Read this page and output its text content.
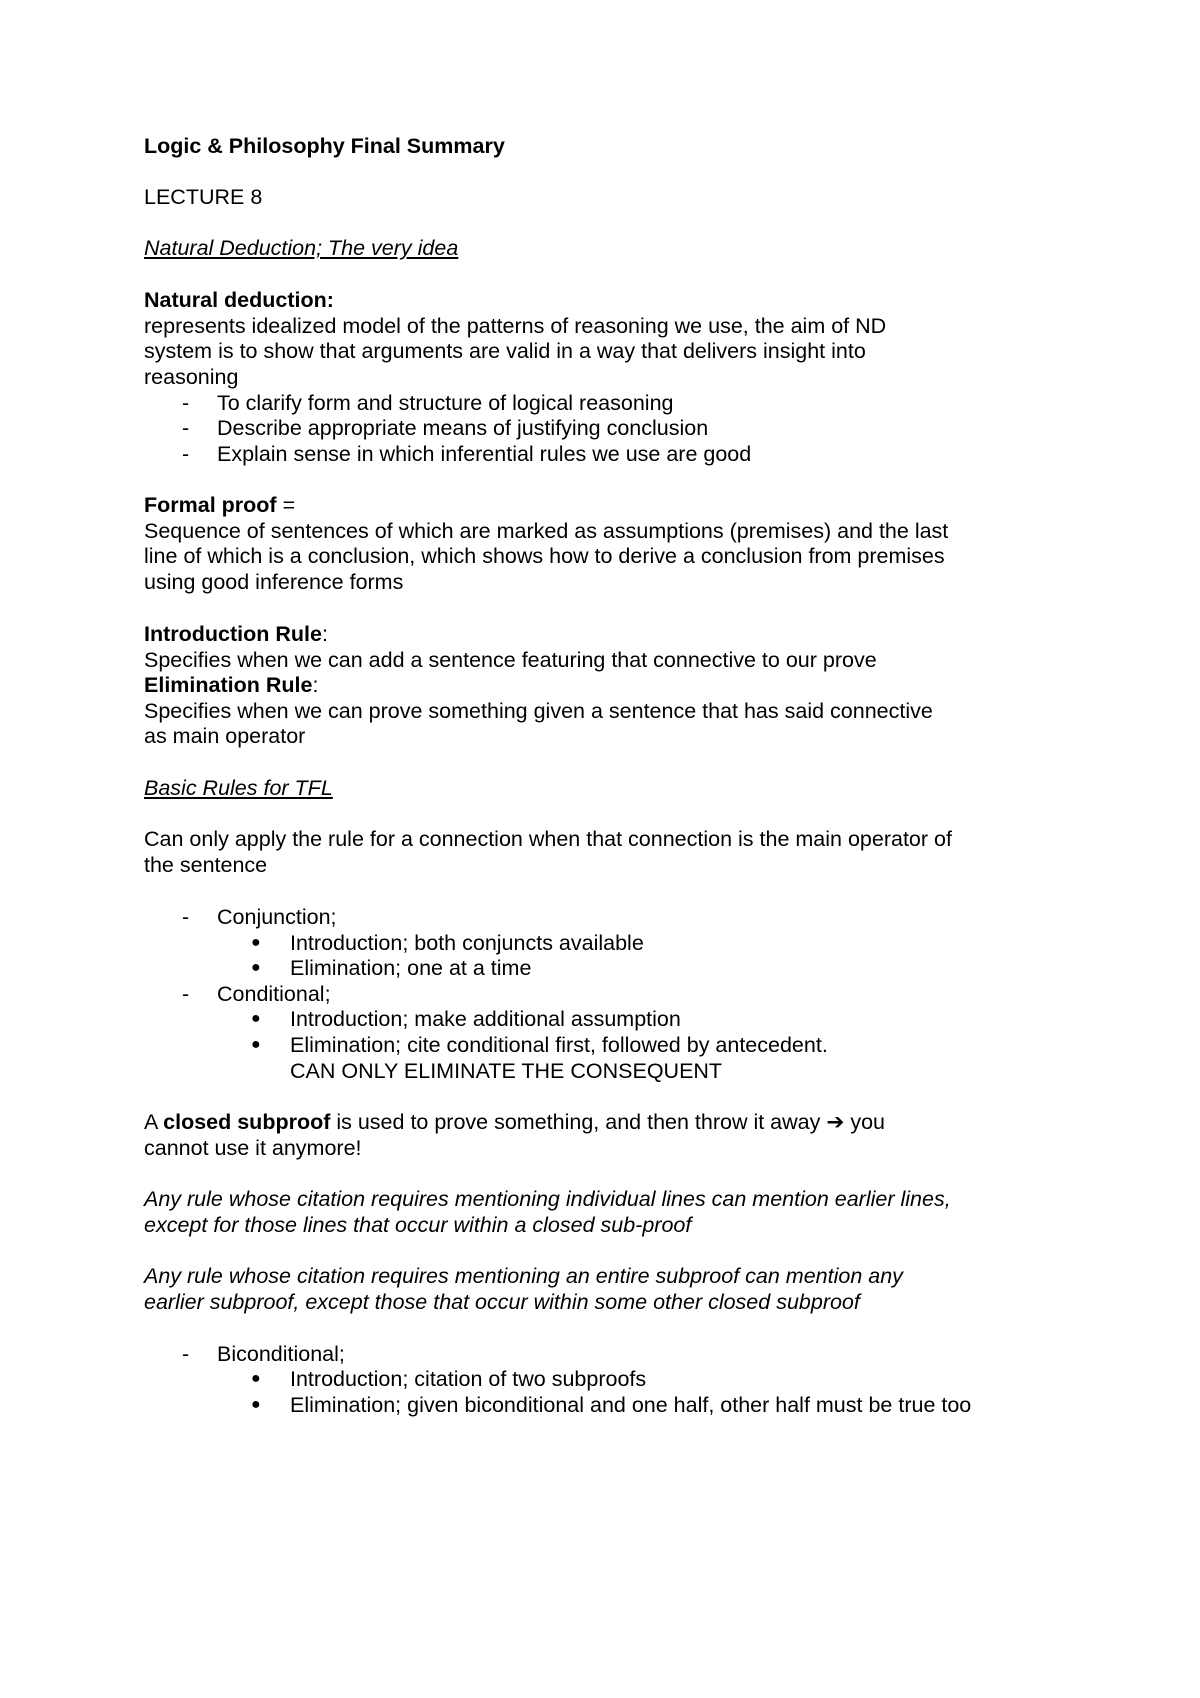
Logic & Philosophy Final Summary
LECTURE 8
Natural Deduction; The very idea
Natural deduction:
represents idealized model of the patterns of reasoning we use, the aim of ND
system is to show that arguments are valid in a way that delivers insight into
reasoning
- To clarify form and structure of logical reasoning
- Describe appropriate means of justifying conclusion
- Explain sense in which inferential rules we use are good
Formal proof =
Sequence of sentences of which are marked as assumptions (premises) and the last
line of which is a conclusion, which shows how to derive a conclusion from premises
using good inference forms
Introduction Rule:
Specifies when we can add a sentence featuring that connective to our prove
Elimination Rule:
Specifies when we can prove something given a sentence that has said connective
as main operator
Basic Rules for TFL
Can only apply the rule for a connection when that connection is the main operator of
the sentence
- Conjunction;
● Introduction; both conjuncts available
● Elimination; one at a time
- Conditional;
● Introduction; make additional assumption
● Elimination; cite conditional first, followed by antecedent.
CAN ONLY ELIMINATE THE CONSEQUENT
A closed subproof is used to prove something, and then throw it away ➔ you
cannot use it anymore!
Any rule whose citation requires mentioning individual lines can mention earlier lines,
except for those lines that occur within a closed sub-proof
Any rule whose citation requires mentioning an entire subproof can mention any
earlier subproof, except those that occur within some other closed subproof
- Biconditional;
● Introduction; citation of two subproofs
● Elimination; given biconditional and one half, other half must be true too
